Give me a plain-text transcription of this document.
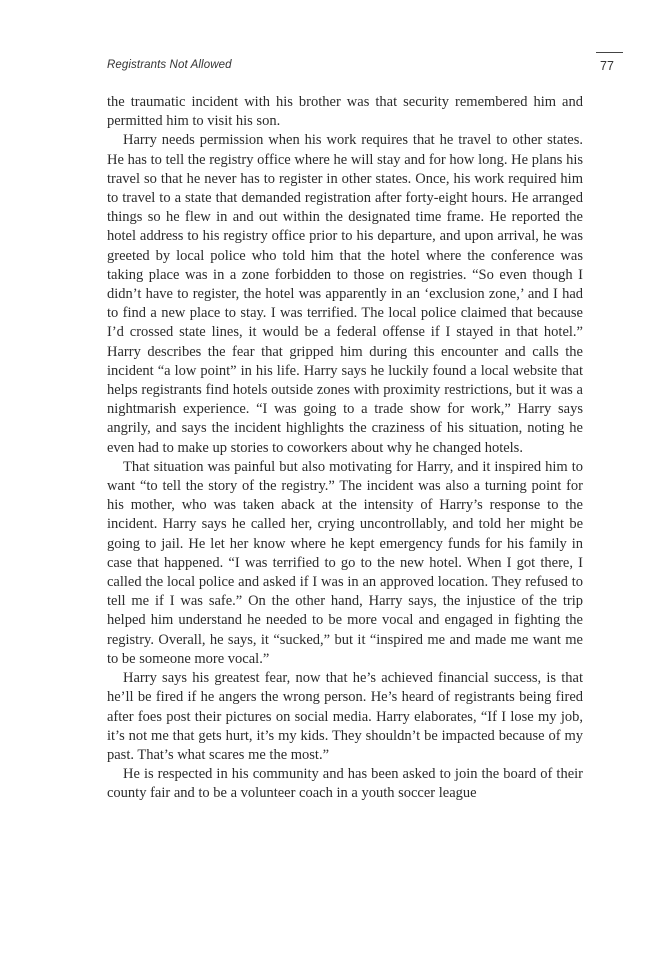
Registrants Not Allowed	77

the traumatic incident with his brother was that security remembered him and permitted him to visit his son.

Harry needs permission when his work requires that he travel to other states. He has to tell the registry office where he will stay and for how long. He plans his travel so that he never has to register in other states. Once, his work required him to travel to a state that demanded registration after forty-eight hours. He arranged things so he flew in and out within the designated time frame. He reported the hotel address to his registry office prior to his departure, and upon arrival, he was greeted by local police who told him that the hotel where the conference was taking place was in a zone forbidden to those on registries. “So even though I didn’t have to register, the hotel was apparently in an ‘exclusion zone,’ and I had to find a new place to stay. I was terrified. The local police claimed that because I’d crossed state lines, it would be a federal offense if I stayed in that hotel.” Harry describes the fear that gripped him during this encounter and calls the incident “a low point” in his life. Harry says he luckily found a local website that helps registrants find hotels outside zones with proximity restrictions, but it was a nightmarish experience. “I was going to a trade show for work,” Harry says angrily, and says the incident highlights the craziness of his situation, noting he even had to make up stories to coworkers about why he changed hotels.

That situation was painful but also motivating for Harry, and it inspired him to want “to tell the story of the registry.” The incident was also a turning point for his mother, who was taken aback at the intensity of Harry’s response to the incident. Harry says he called her, crying uncontrollably, and told her might be going to jail. He let her know where he kept emergency funds for his family in case that happened. “I was terrified to go to the new hotel. When I got there, I called the local police and asked if I was in an approved location. They refused to tell me if I was safe.” On the other hand, Harry says, the injustice of the trip helped him understand he needed to be more vocal and engaged in fighting the registry. Overall, he says, it “sucked,” but it “inspired me and made me want me to be someone more vocal.”

Harry says his greatest fear, now that he’s achieved financial success, is that he’ll be fired if he angers the wrong person. He’s heard of registrants being fired after foes post their pictures on social media. Harry elaborates, “If I lose my job, it’s not me that gets hurt, it’s my kids. They shouldn’t be impacted because of my past. That’s what scares me the most.”

He is respected in his community and has been asked to join the board of their county fair and to be a volunteer coach in a youth soccer league
